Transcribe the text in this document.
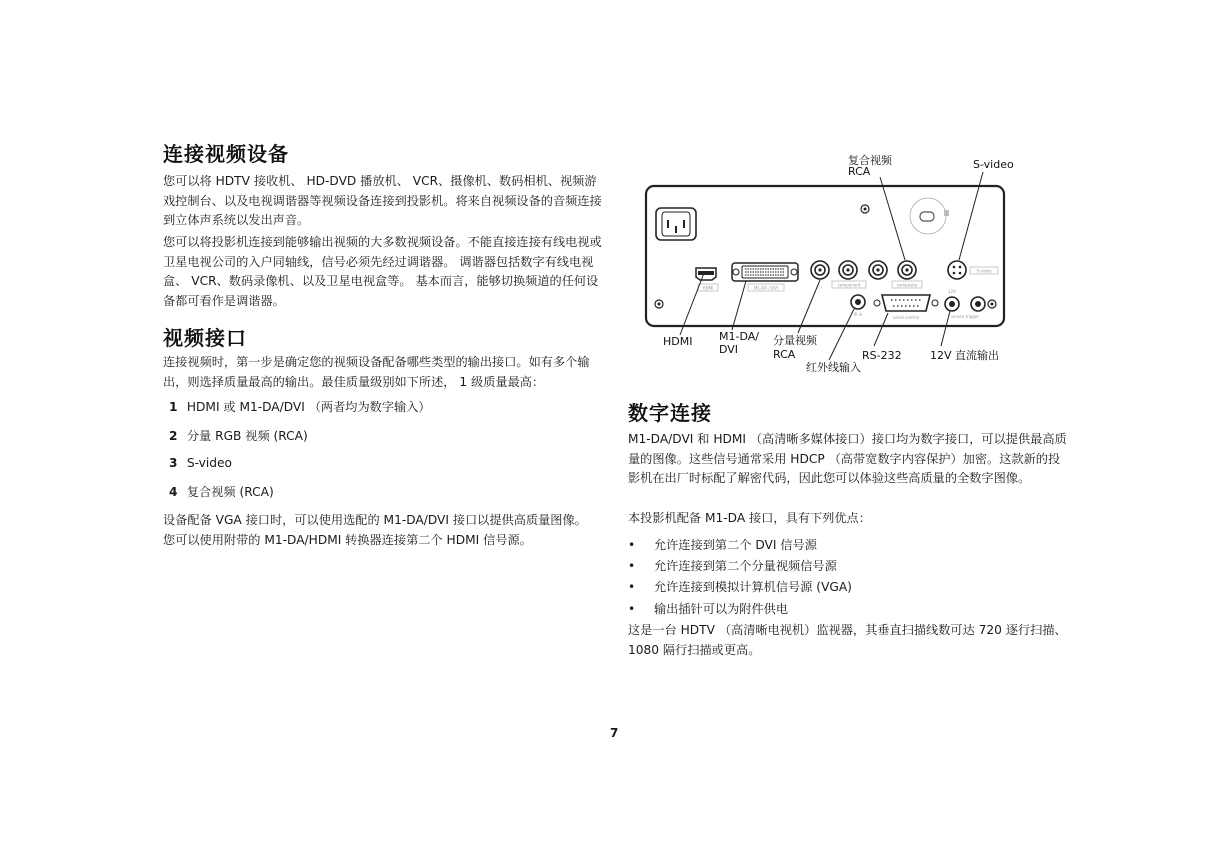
连接视频设备

您可以将 HDTV 接收机、 HD-DVD 播放机、 VCR、摄像机、数码相机、视频游戏控制台、以及电视调谐器等视频设备连接到投影机。将来自视频设备的音频连接到立体声系统以发出声音。

您可以将投影机连接到能够输出视频的大多数视频设备。不能直接连接有线电视或卫星电视公司的入户同轴线，信号必须先经过调谐器。 调谐器包括数字有线电视盒、 VCR、数码录像机、以及卫星电视盒等。 基本而言，能够切换频道的任何设备都可看作是调谐器。

视频接口

连接视频时，第一步是确定您的视频设备配备哪些类型的输出接口。如有多个输出，则选择质量最高的输出。最佳质量级别如下所述， 1 级质量最高：

1 HDMI 或 M1-DA/DVI （两者均为数字输入）
2 分量 RGB 视频 (RCA)
3 S-video
4 复合视频 (RCA)

设备配备 VGA 接口时，可以使用选配的 M1-DA/DVI 接口以提供高质量图像。您可以使用附带的 M1-DA/HDMI 转换器连接第二个 HDMI 信号源。

HDMI	M1-DA / DVI	○	component	composite
S-video
IR in
serial control
12V
screen trigger
复合视频
RCA
S-video
HDMI M1-DA/
DVI
分量视频
RCA	RS-232	12V 直流输出
红外线输入
数字连接

M1-DA/DVI 和 HDMI （高清晰多媒体接口）接口均为数字接口，可以提供最高质量的图像。这些信号通常采用 HDCP （高带宽数字内容保护）加密。这款新的投影机在出厂时标配了解密代码，因此您可以体验这些高质量的全数字图像。

本投影机配备 M1-DA 接口，具有下列优点：

• 允许连接到第二个 DVI 信号源
• 允许连接到第二个分量视频信号源
• 允许连接到模拟计算机信号源 (VGA)
• 输出插针可以为附件供电

这是一台 HDTV （高清晰电视机）监视器，其垂直扫描线数可达 720 逐行扫描、 1080 隔行扫描或更高。

7
